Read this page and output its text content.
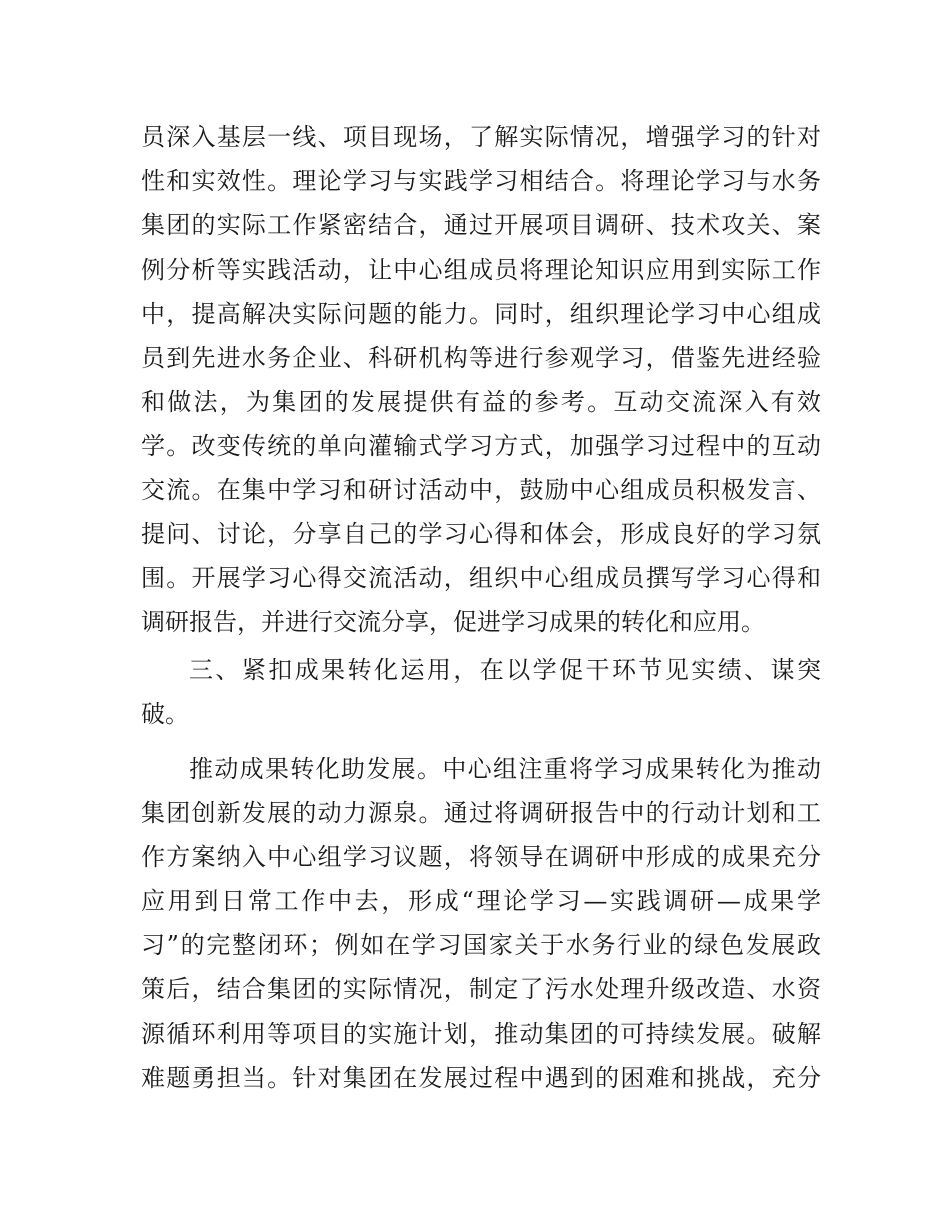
员深入基层一线、项目现场，了解实际情况，增强学习的针对
性和实效性。理论学习与实践学习相结合。将理论学习与水务
集团的实际工作紧密结合，通过开展项目调研、技术攻关、案
例分析等实践活动，让中心组成员将理论知识应用到实际工作
中，提高解决实际问题的能力。同时，组织理论学习中心组成
员到先进水务企业、科研机构等进行参观学习，借鉴先进经验
和做法，为集团的发展提供有益的参考。互动交流深入有效
学。改变传统的单向灌输式学习方式，加强学习过程中的互动
交流。在集中学习和研讨活动中，鼓励中心组成员积极发言、
提问、讨论，分享自己的学习心得和体会，形成良好的学习氛
围。开展学习心得交流活动，组织中心组成员撰写学习心得和
调研报告，并进行交流分享，促进学习成果的转化和应用。
三、紧扣成果转化运用，在以学促干环节见实绩、谋突
破。
推动成果转化助发展。中心组注重将学习成果转化为推动
集团创新发展的动力源泉。通过将调研报告中的行动计划和工
作方案纳入中心组学习议题，将领导在调研中形成的成果充分
应用到日常工作中去，形成“理论学习—实践调研—成果学
习”的完整闭环；例如在学习国家关于水务行业的绿色发展政
策后，结合集团的实际情况，制定了污水处理升级改造、水资
源循环利用等项目的实施计划，推动集团的可持续发展。破解
难题勇担当。针对集团在发展过程中遇到的困难和挑战，充分
